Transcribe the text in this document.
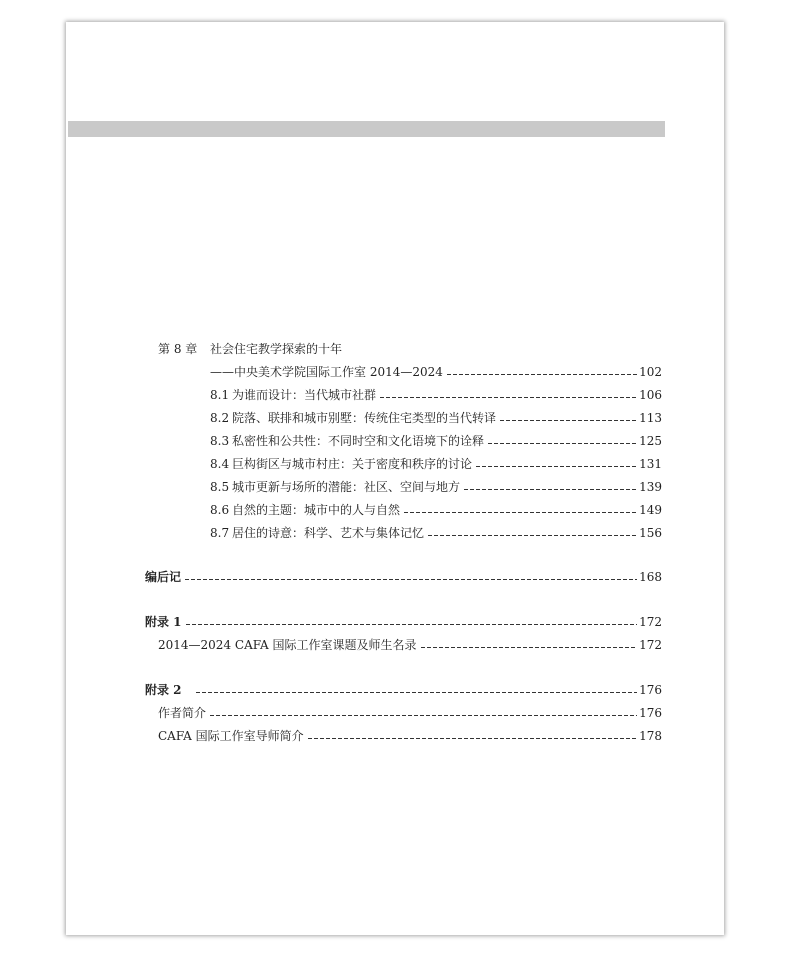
第 8 章 社会住宅教学探索的十年
——中央美术学院国际工作室 2014—2024	102
8.1 为谁而设计：当代城市社群	106
8.2 院落、联排和城市别墅：传统住宅类型的当代转译	113
8.3 私密性和公共性：不同时空和文化语境下的诠释	125
8.4 巨构街区与城市村庄：关于密度和秩序的讨论	131
8.5 城市更新与场所的潜能：社区、空间与地方	139
8.6 自然的主题：城市中的人与自然	149
8.7 居住的诗意：科学、艺术与集体记忆	156
编后记	168
附录 1	172
2014—2024 CAFA 国际工作室课题及师生名录	172
附录 2	176
作者简介	176
CAFA 国际工作室导师简介	178
